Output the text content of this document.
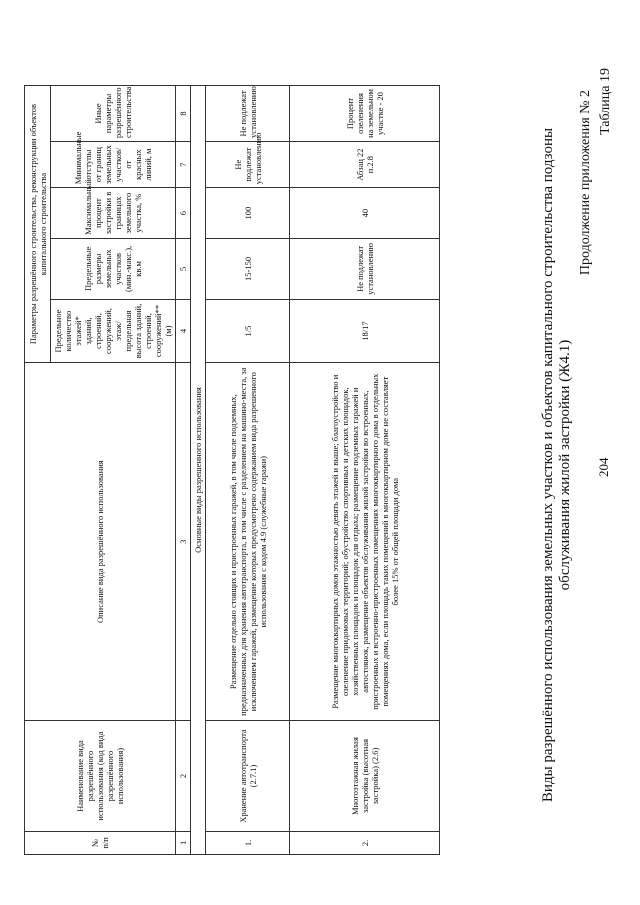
204
Продолжение приложения № 2 Таблица 19
Виды разрешённого использования земельных участков и объектов капитального строительства подзоны обслуживания жилой застройки (Ж4.1)
№ п/п	Наименование вида разрешённого использования (код вида разрешённого использования)	Описание вида разрешённого использования	Параметры разрешённого строительства, реконструкции объектов капитального строительства				
			Предельное количество этажей* зданий, строений, сооружений, этаж/предельная высота зданий, строений, сооружений** (м)	Предельные размеры земельных участков (мин.-макс.), кв.м	Максимальный процент застройки в границах земельного участка, %	Минимальные отступы от границ земельных участков/ от красных линий, м	Иные параметры разрешённого строительства
1	2	3	4	5	6	7	8
Основные виды разрешенного использования							
1.	Хранение автотранспорта (2.7.1)	Размещение отдельно стоящих и пристроенных гаражей, в том числе подземных, предназначенных для хранения автотранспорта, в том числе с разделением на машино-места, за исключением гаражей, размещение которых предусмотрено содержанием вида разрешенного использования с кодом 4.9 (служебные гаражи)	1/5	15-150	100	Не подлежат установлению	Не подлежат установлению
2.	Многоэтажная жилая застройка (высотная застройка) (2.6)	Размещение многоквартирных домов этажностью девять этажей и выше; благоустройство и озеленение придомовых территорий; обустройство спортивных и детских площадок, хозяйственных площадок и площадок для отдыха; размещение подземных гаражей и автостоянок, размещение объектов обслуживания жилой застройки во встроенных, пристроенных и встроенно-пристроенных помещениях многоквартирного дома в отдельных помещениях дома, если площадь таких помещений в многоквартирном доме не составляет более 15% от общей площади дома	18/17	Не подлежат установлению	40	Абзац 22 п.2.8	Процент озеленения на земельном участке - 20
